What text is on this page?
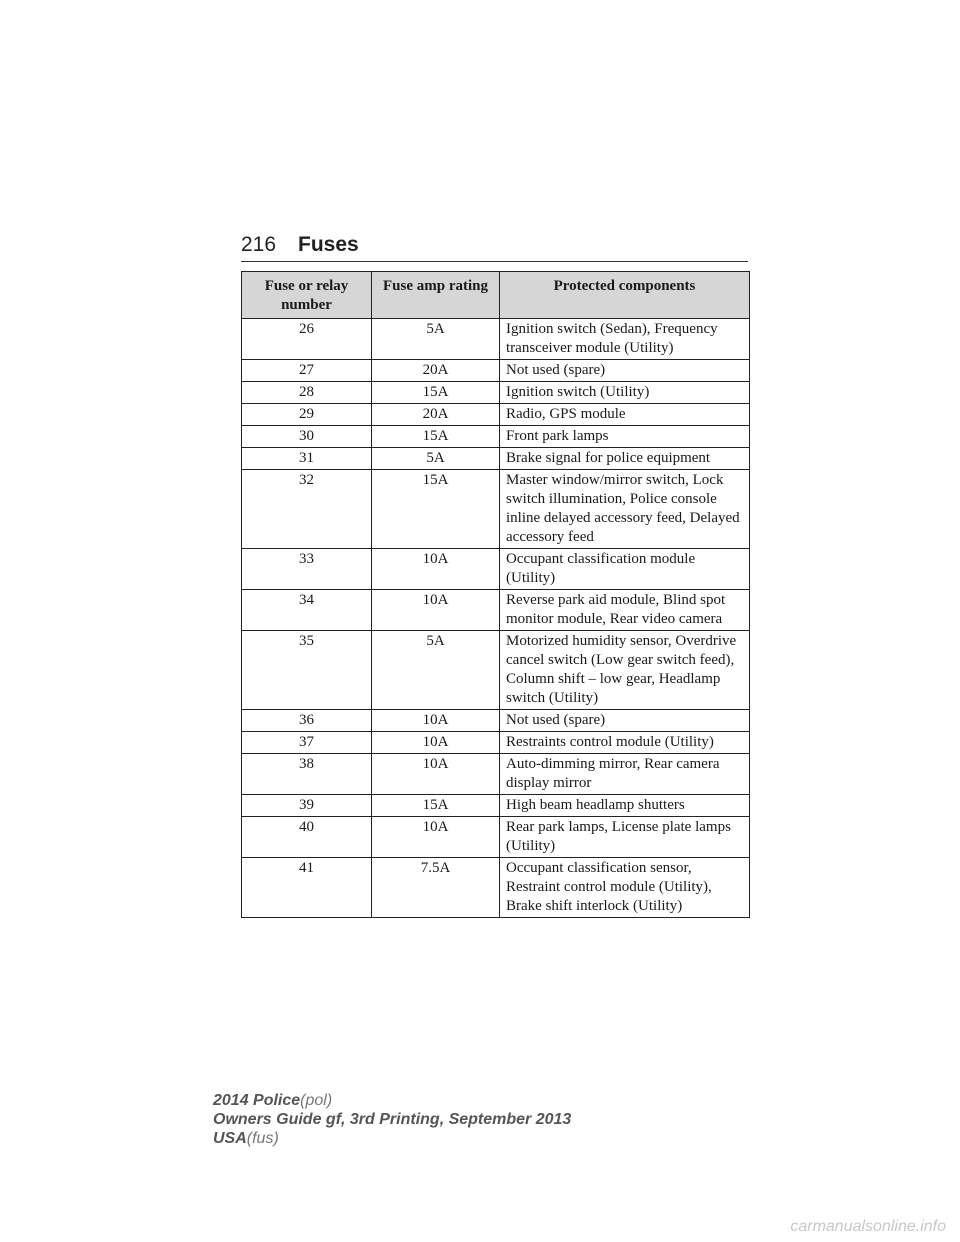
216 Fuses
Fuse or relay number	Fuse amp rating	Protected components
26	5A	Ignition switch (Sedan), Frequency transceiver module (Utility)
27	20A	Not used (spare)
28	15A	Ignition switch (Utility)
29	20A	Radio, GPS module
30	15A	Front park lamps
31	5A	Brake signal for police equipment
32	15A	Master window/mirror switch, Lock switch illumination, Police console inline delayed accessory feed, Delayed accessory feed
33	10A	Occupant classification module (Utility)
34	10A	Reverse park aid module, Blind spot monitor module, Rear video camera
35	5A	Motorized humidity sensor, Overdrive cancel switch (Low gear switch feed), Column shift – low gear, Headlamp switch (Utility)
36	10A	Not used (spare)
37	10A	Restraints control module (Utility)
38	10A	Auto-dimming mirror, Rear camera display mirror
39	15A	High beam headlamp shutters
40	10A	Rear park lamps, License plate lamps (Utility)
41	7.5A	Occupant classification sensor, Restraint control module (Utility), Brake shift interlock (Utility)
2014 Police(pol)
Owners Guide gf, 3rd Printing, September 2013
USA(fus)
carmanualsonline.info
